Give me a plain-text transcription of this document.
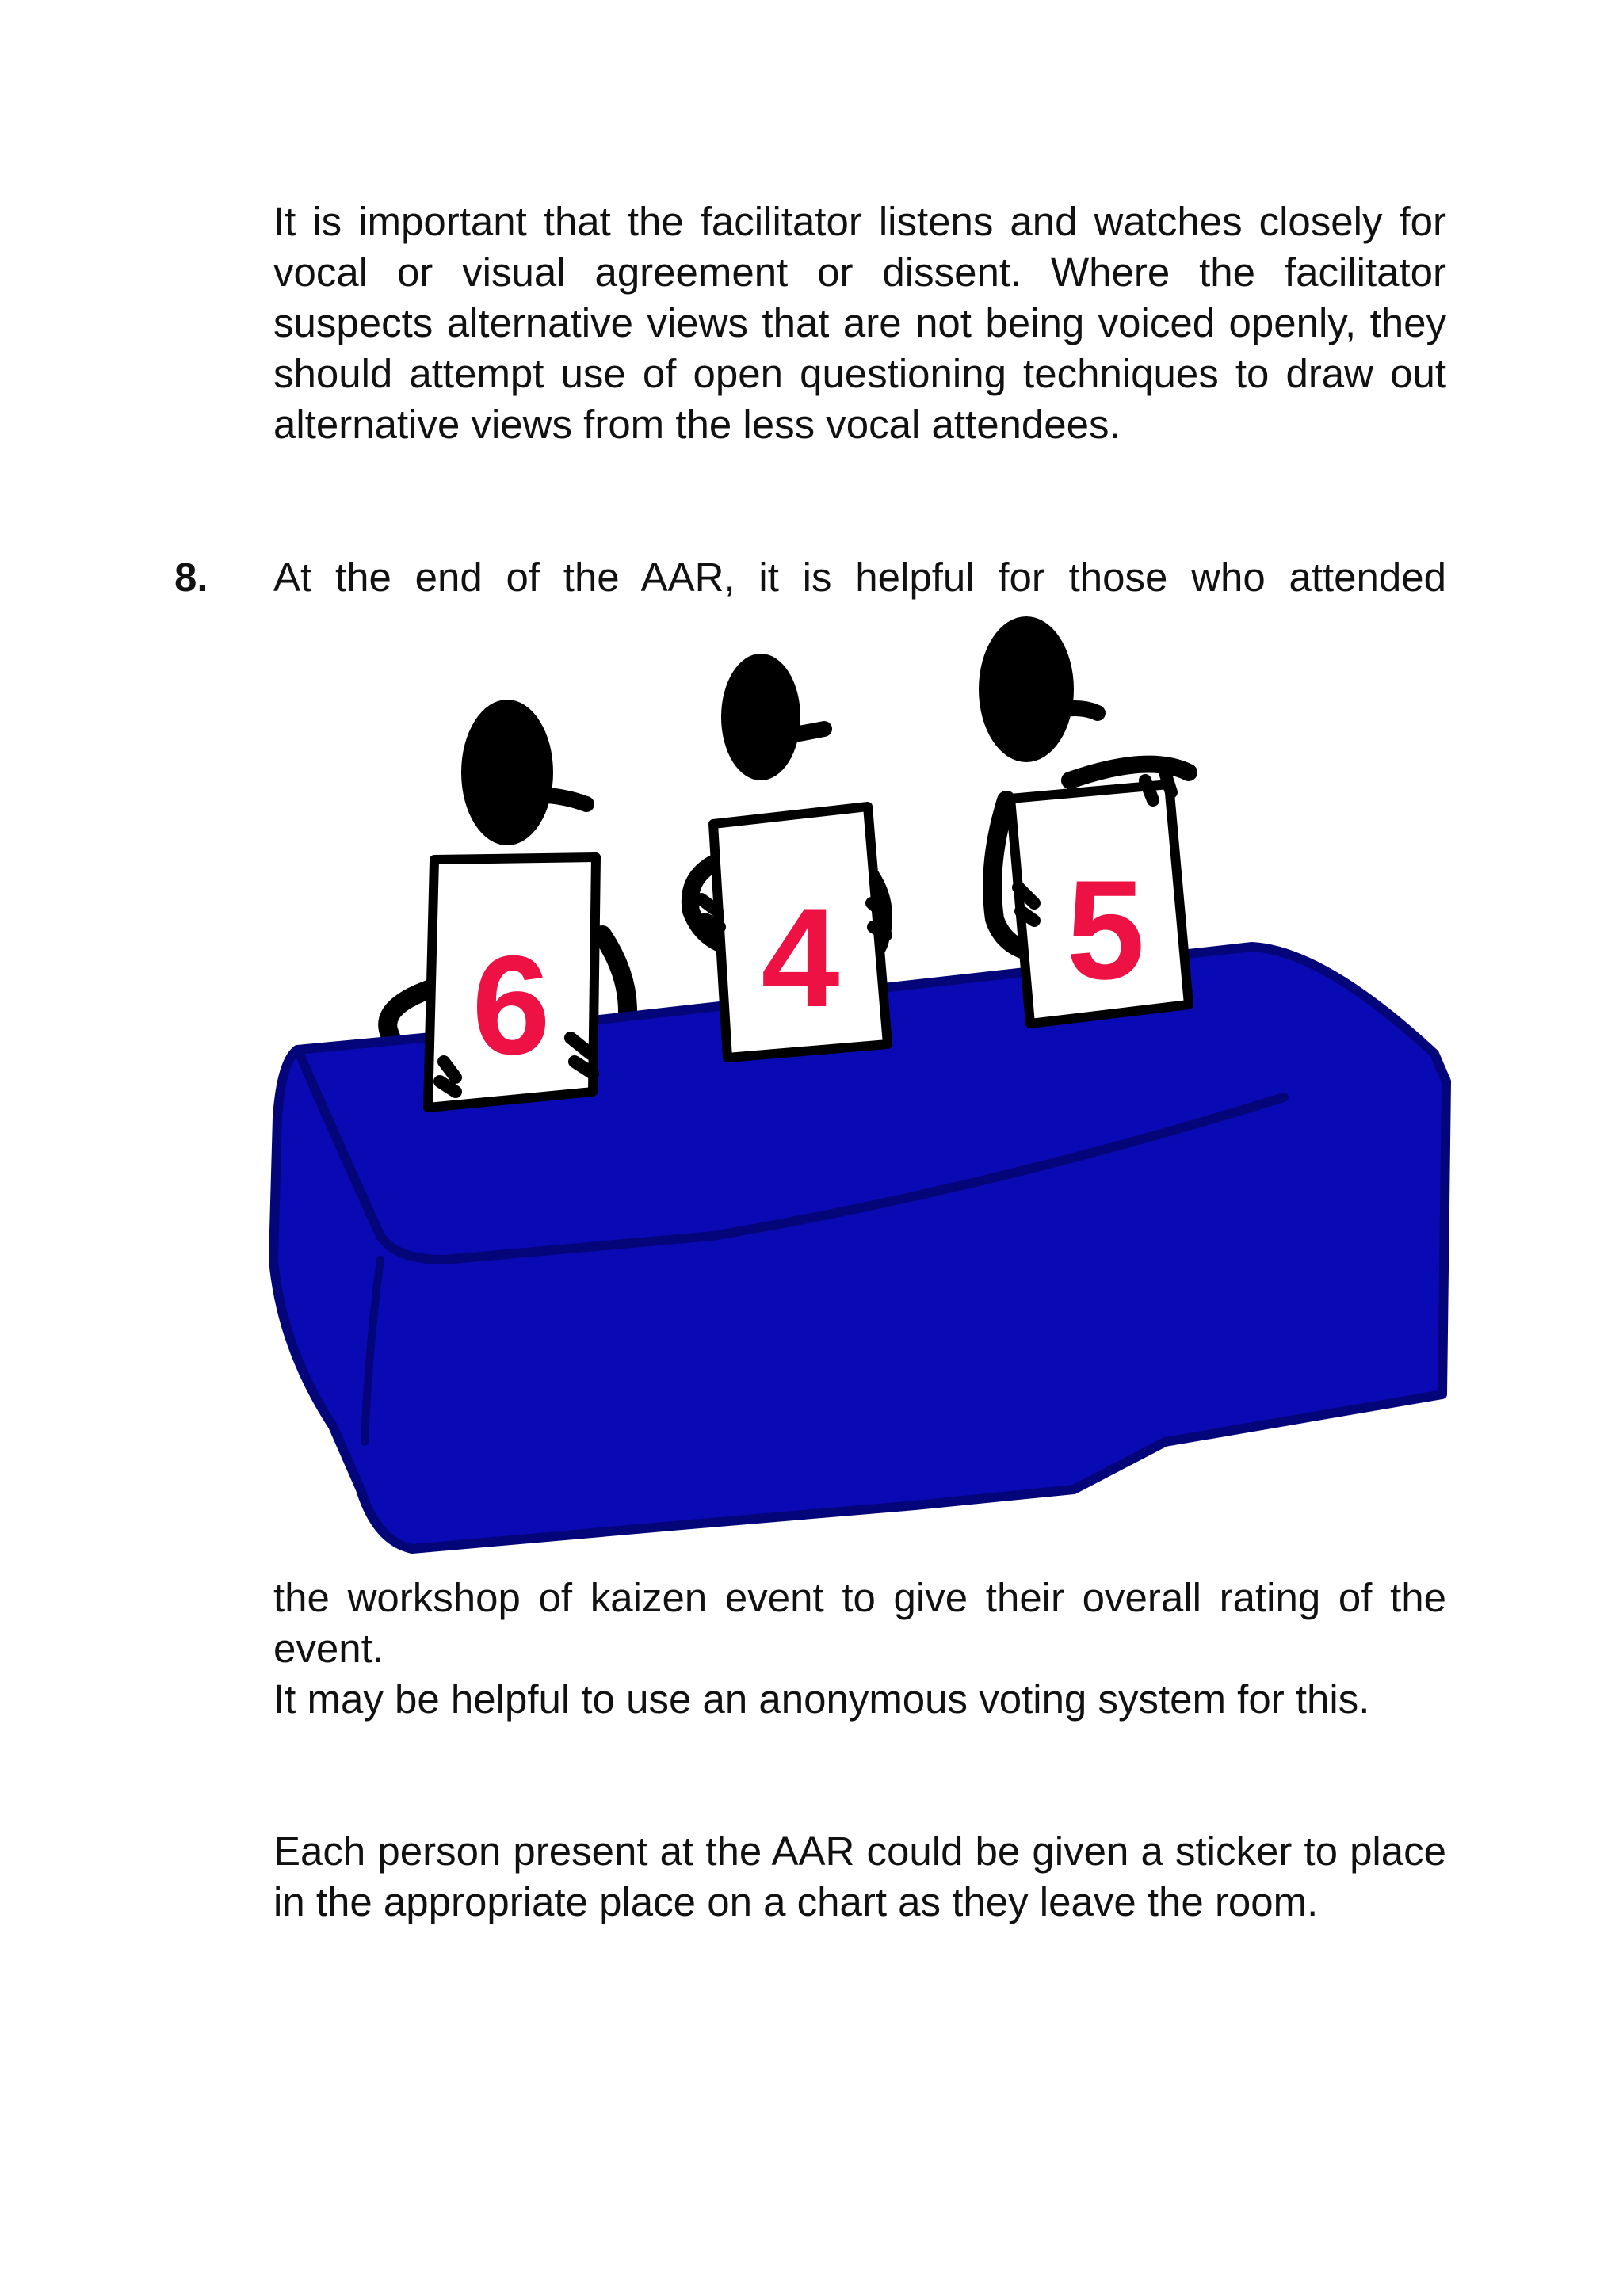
It is important that the facilitator listens and watches closely for vocal or visual agreement or dissent. Where the facilitator suspects alternative views that are not being voiced openly, they should attempt use of open questioning techniques to draw out alternative views from the less vocal attendees.

8. At the end of the AAR, it is helpful for those who attended

6 4 5

the workshop of kaizen event to give their overall rating of the event.

It may be helpful to use an anonymous voting system for this.

Each person present at the AAR could be given a sticker to place in the appropriate place on a chart as they leave the room.
